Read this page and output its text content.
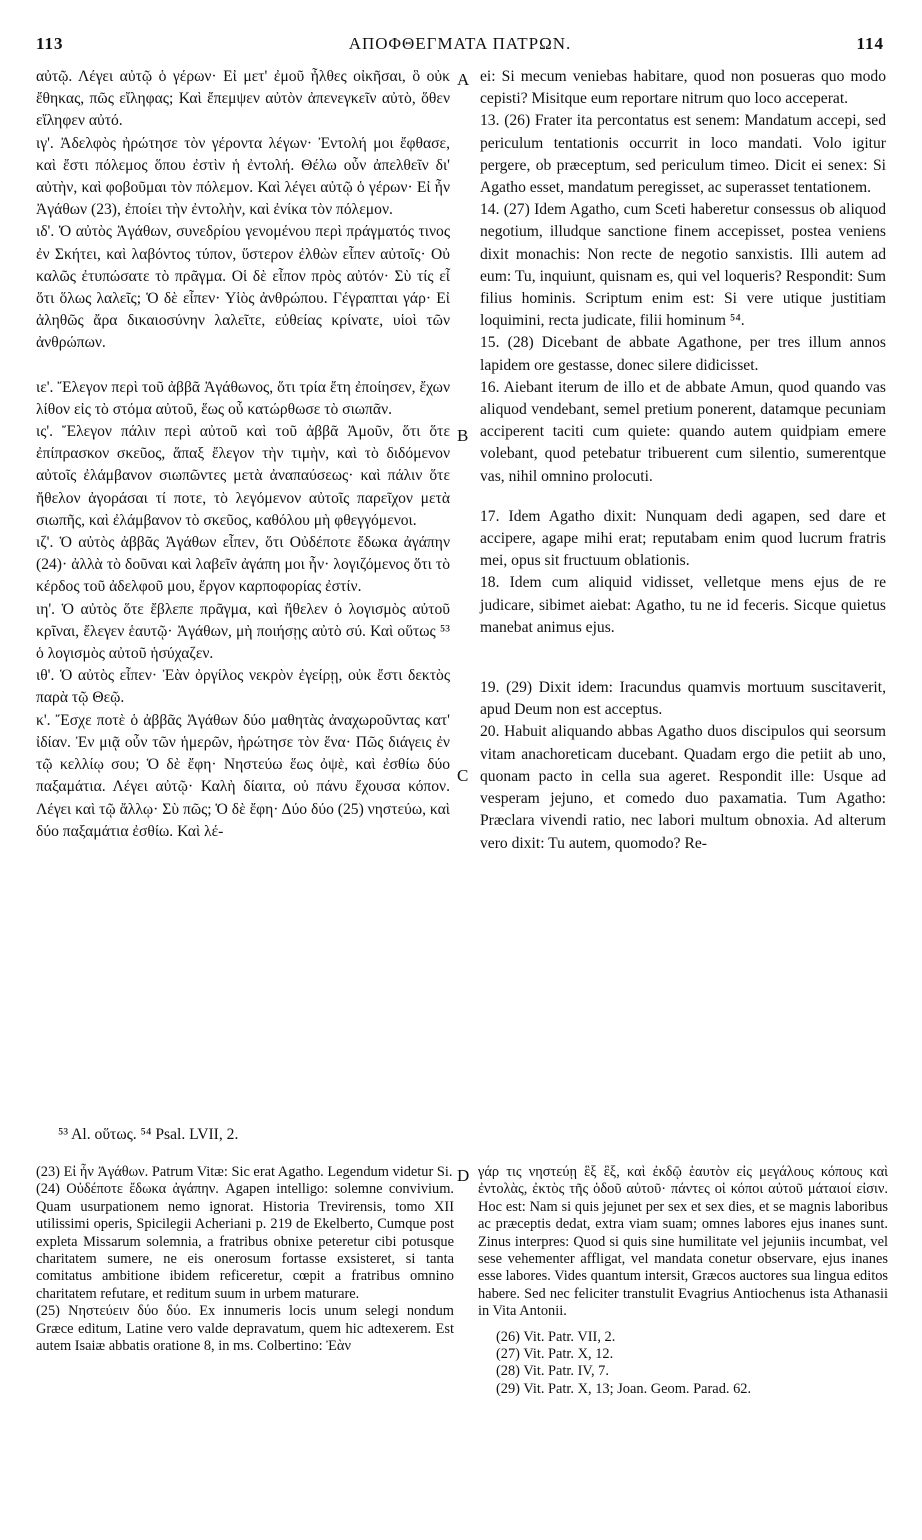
113	ΑΠΟΦΘΕΓΜΑΤΑ ΠΑΤΡΩΝ.	114

αὐτῷ. Λέγει αὐτῷ ὁ γέρων· Εἰ μετ' ἐμοῦ ἦλθες οἰκῆσαι, ὃ οὐκ ἔθηκας, πῶς εἴληφας; Καὶ ἔπεμψεν αὐτὸν ἀπενεγκεῖν αὐτὸ, ὅθεν εἴληφεν αὐτό.

ιγ'. Ἀδελφὸς ἠρώτησε τὸν γέροντα λέγων· Ἐντολή μοι ἔφθασε, καὶ ἔστι πόλεμος ὅπου ἐστὶν ἡ ἐντολή. Θέλω οὖν ἀπελθεῖν δι' αὐτὴν, καὶ φοβοῦμαι τὸν πόλεμον. Καὶ λέγει αὐτῷ ὁ γέρων· Εἰ ἦν Ἀγάθων (23), ἐποίει τὴν ἐντολὴν, καὶ ἐνίκα τὸν πόλεμον.

ιδ'. Ὁ αὐτὸς Ἀγάθων, συνεδρίου γενομένου περὶ πράγματός τινος ἐν Σκήτει, καὶ λαβόντος τύπον, ὕστερον ἐλθὼν εἶπεν αὐτοῖς· Οὐ καλῶς ἐτυπώσατε τὸ πρᾶγμα. Οἱ δὲ εἶπον πρὸς αὐτόν· Σὺ τίς εἶ ὅτι ὅλως λαλεῖς; Ὁ δὲ εἶπεν· Υἱὸς ἀνθρώπου. Γέγραπται γάρ· Εἰ ἀληθῶς ἄρα δικαιοσύνην λαλεῖτε, εὐθείας κρίνατε, υἱοὶ τῶν ἀνθρώπων.

ιε'. Ἔλεγον περὶ τοῦ ἀββᾶ Ἀγάθωνος, ὅτι τρία ἔτη ἐποίησεν, ἔχων λίθον εἰς τὸ στόμα αὐτοῦ, ἕως οὗ κατώρθωσε τὸ σιωπᾶν.

ις'. Ἔλεγον πάλιν περὶ αὐτοῦ καὶ τοῦ ἀββᾶ Ἀμοῦν, ὅτι ὅτε ἐπίπρασκον σκεῦος, ἅπαξ ἔλεγον τὴν τιμὴν, καὶ τὸ διδόμενον αὐτοῖς ἐλάμβανον σιωπῶντες μετὰ ἀναπαύσεως· καὶ πάλιν ὅτε ἤθελον ἀγοράσαι τί ποτε, τὸ λεγόμενον αὐτοῖς παρεῖχον μετὰ σιωπῆς, καὶ ἐλάμβανον τὸ σκεῦος, καθόλου μὴ φθεγγόμενοι.

ιζ'. Ὁ αὐτὸς ἀββᾶς Ἀγάθων εἶπεν, ὅτι Οὐδέποτε ἔδωκα ἀγάπην (24)· ἀλλὰ τὸ δοῦναι καὶ λαβεῖν ἀγάπη μοι ἦν· λογιζόμενος ὅτι τὸ κέρδος τοῦ ἀδελφοῦ μου, ἔργον καρποφορίας ἐστίν.

ιη'. Ὁ αὐτὸς ὅτε ἔβλεπε πρᾶγμα, καὶ ἤθελεν ὁ λογισμὸς αὐτοῦ κρῖναι, ἔλεγεν ἑαυτῷ· Ἀγάθων, μὴ ποιήσῃς αὐτὸ σύ. Καὶ οὕτως ⁵³ ὁ λογισμὸς αὐτοῦ ἡσύχαζεν.

ιθ'. Ὁ αὐτὸς εἶπεν· Ἐὰν ὀργίλος νεκρὸν ἐγείρῃ, οὐκ ἔστι δεκτὸς παρὰ τῷ Θεῷ.

κ'. Ἔσχε ποτὲ ὁ ἀββᾶς Ἀγάθων δύο μαθητὰς ἀναχωροῦντας κατ' ἰδίαν. Ἐν μιᾷ οὖν τῶν ἡμερῶν, ἠρώτησε τὸν ἕνα· Πῶς διάγεις ἐν τῷ κελλίῳ σου; Ὁ δὲ ἔφη· Νηστεύω ἕως ὀψὲ, καὶ ἐσθίω δύο παξαμάτια. Λέγει αὐτῷ· Καλὴ δίαιτα, οὐ πάνυ ἔχουσα κόπον. Λέγει καὶ τῷ ἄλλῳ· Σὺ πῶς; Ὁ δὲ ἔφη· Δύο δύο (25) νηστεύω, καὶ δύο παξαμάτια ἐσθίω. Καὶ λέ-

ei: Si mecum veniebas habitare, quod non posueras quo modo cepisti? Misitque eum reportare nitrum quo loco acceperat.

13. (26) Frater ita percontatus est senem: Mandatum accepi, sed periculum tentationis occurrit in loco mandati. Volo igitur pergere, ob præceptum, sed periculum timeo. Dicit ei senex: Si Agatho esset, mandatum peregisset, ac superasset tentationem.

14. (27) Idem Agatho, cum Sceti haberetur consessus ob aliquod negotium, illudque sanctione finem accepisset, postea veniens dixit monachis: Non recte de negotio sanxistis. Illi autem ad eum: Tu, inquiunt, quisnam es, qui vel loqueris? Respondit: Sum filius hominis. Scriptum enim est: Si vere utique justitiam loquimini, recta judicate, filii hominum ⁵⁴.

15. (28) Dicebant de abbate Agathone, per tres illum annos lapidem ore gestasse, donec silere didicisset.

16. Aiebant iterum de illo et de abbate Amun, quod quando vas aliquod vendebant, semel pretium ponerent, datamque pecuniam acciperent taciti cum quiete: quando autem quidpiam emere volebant, quod petebatur tribuerent cum silentio, sumerentque vas, nihil omnino prolocuti.

17. Idem Agatho dixit: Nunquam dedi agapen, sed dare et accipere, agape mihi erat; reputabam enim quod lucrum fratris mei, opus sit fructuum oblationis.

18. Idem cum aliquid vidisset, velletque mens ejus de re judicare, sibimet aiebat: Agatho, tu ne id feceris. Sicque quietus manebat animus ejus.

19. (29) Dixit idem: Iracundus quamvis mortuum suscitaverit, apud Deum non est acceptus.

20. Habuit aliquando abbas Agatho duos discipulos qui seorsum vitam anachoreticam ducebant. Quadam ergo die petiit ab uno, quonam pacto in cella sua ageret. Respondit ille: Usque ad vesperam jejuno, et comedo duo paxamatia. Tum Agatho: Præclara vivendi ratio, nec labori multum obnoxia. Ad alterum vero dixit: Tu autem, quomodo? Re-

A
B
C
D
⁵³ Al. οὕτως. ⁵⁴ Psal. LVII, 2.

(23) Εἰ ἦν Ἀγάθων. Patrum Vitæ: Sic erat Agatho. Legendum videtur Si.

(24) Οὐδέποτε ἔδωκα ἀγάπην. Agapen intelligo: solemne convivium. Quam usurpationem nemo ignorat. Historia Trevirensis, tomo XII utilissimi operis, Spicilegii Acheriani p. 219 de Ekelberto, Cumque post expleta Missarum solemnia, a fratribus obnixe peteretur cibi potusque charitatem sumere, ne eis onerosum fortasse exsisteret, si tanta comitatus ambitione ibidem reficeretur, cœpit a fratribus omnino charitatem refutare, et reditum suum in urbem maturare.

(25) Νηστεύειν δύο δύο. Ex innumeris locis unum selegi nondum Græce editum, Latine vero valde depravatum, quem hic adtexerem. Est autem Isaiæ abbatis oratione 8, in ms. Colbertino: Ἐὰν

γάρ τις νηστεύῃ ἓξ ἓξ, καὶ ἐκδῷ ἑαυτὸν εἰς μεγάλους κόπους καὶ ἐντολὰς, ἐκτὸς τῆς ὁδοῦ αὐτοῦ· πάντες οἱ κόποι αὐτοῦ μάταιοί εἰσιν. Hoc est: Nam si quis jejunet per sex et sex dies, et se magnis laboribus ac præceptis dedat, extra viam suam; omnes labores ejus inanes sunt. Zinus interpres: Quod si quis sine humilitate vel jejuniis incumbat, vel sese vehementer affligat, vel mandata conetur observare, ejus inanes esse labores. Vides quantum intersit, Græcos auctores sua lingua editos habere. Sed nec feliciter transtulit Evagrius Antiochenus ista Athanasii in Vita Antonii.

(26) Vit. Patr. VII, 2.
(27) Vit. Patr. X, 12.
(28) Vit. Patr. IV, 7.
(29) Vit. Patr. X, 13; Joan. Geom. Parad. 62.
